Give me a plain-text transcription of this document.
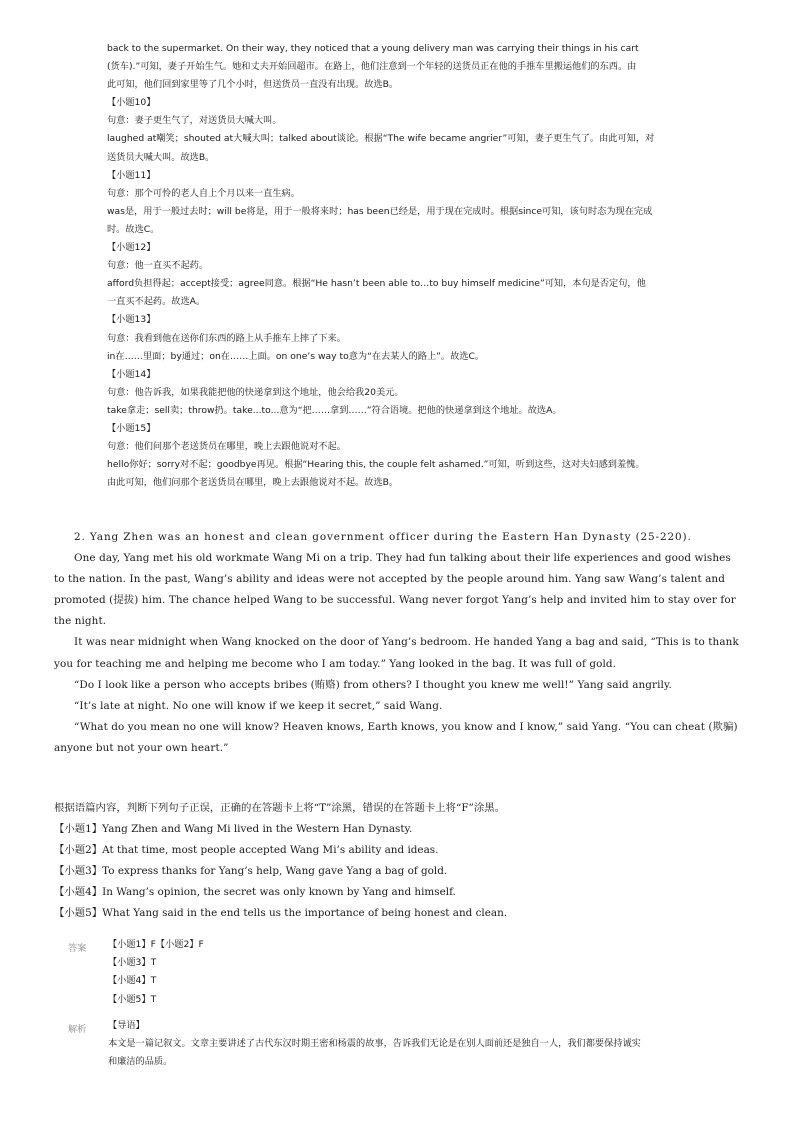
back to the supermarket. On their way, they noticed that a young delivery man was carrying their things in his cart

(货车).”可知，妻子开始生气。她和丈夫开始回超市。在路上，他们注意到一个年轻的送货员正在他的手推车里搬运他们的东西。由

此可知，他们回到家里等了几个小时，但送货员一直没有出现。故选B。

【小题10】

句意：妻子更生气了，对送货员大喊大叫。

laughed at嘲笑；shouted at大喊大叫；talked about谈论。根据“The wife became angrier”可知，妻子更生气了。由此可知，对

送货员大喊大叫。故选B。

【小题11】

句意：那个可怜的老人自上个月以来一直生病。

was是，用于一般过去时；will be将是，用于一般将来时；has been已经是，用于现在完成时。根据since可知，该句时态为现在完成

时。故选C。

【小题12】

句意：他一直买不起药。

afford负担得起；accept接受；agree同意。根据“He hasn’t been able to…to buy himself medicine”可知，本句是否定句，他

一直买不起药。故选A。

【小题13】

句意：我看到他在送你们东西的路上从手推车上摔了下来。

in在……里面；by通过；on在……上面。on one’s way to意为“在去某人的路上”。故选C。

【小题14】

句意：他告诉我，如果我能把他的快递拿到这个地址，他会给我20美元。

take拿走；sell卖；throw扔。take...to...意为“把……拿到……”符合语境。把他的快递拿到这个地址。故选A。

【小题15】

句意：他们问那个老送货员在哪里，晚上去跟他说对不起。

hello你好；sorry对不起；goodbye再见。根据“Hearing this, the couple felt ashamed.”可知，听到这些，这对夫妇感到羞愧。

由此可知，他们问那个老送货员在哪里，晚上去跟他说对不起。故选B。

2. Yang Zhen was an honest and clean government officer during the Eastern Han Dynasty (25-220).

One day, Yang met his old workmate Wang Mi on a trip. They had fun talking about their life experiences and good wishes to the nation. In the past, Wang’s ability and ideas were not accepted by the people around him. Yang saw Wang’s talent and promoted (提拔) him. The chance helped Wang to be successful. Wang never forgot Yang’s help and invited him to stay over for the night.

It was near midnight when Wang knocked on the door of Yang’s bedroom. He handed Yang a bag and said, “This is to thank you for teaching me and helping me become who I am today.” Yang looked in the bag. It was full of gold.

“Do I look like a person who accepts bribes (贿赂) from others? I thought you knew me well!” Yang said angrily.

“It’s late at night. No one will know if we keep it secret,” said Wang.

“What do you mean no one will know? Heaven knows, Earth knows, you know and I know,” said Yang. “You can cheat (欺骗) anyone but not your own heart.”

根据语篇内容，判断下列句子正误，正确的在答题卡上将“T”涂黑，错误的在答题卡上将“F”涂黑。

【小题1】Yang Zhen and Wang Mi lived in the Western Han Dynasty.

【小题2】At that time, most people accepted Wang Mi’s ability and ideas.

【小题3】To express thanks for Yang’s help, Wang gave Yang a bag of gold.

【小题4】In Wang’s opinion, the secret was only known by Yang and himself.

【小题5】What Yang said in the end tells us the importance of being honest and clean.

答案 【小题1】F【小题2】F

【小题3】T

【小题4】T

【小题5】T

解析 【导语】

本文是一篇记叙文。文章主要讲述了古代东汉时期王密和杨震的故事，告诉我们无论是在别人面前还是独自一人，我们都要保持诚实

和廉洁的品质。
